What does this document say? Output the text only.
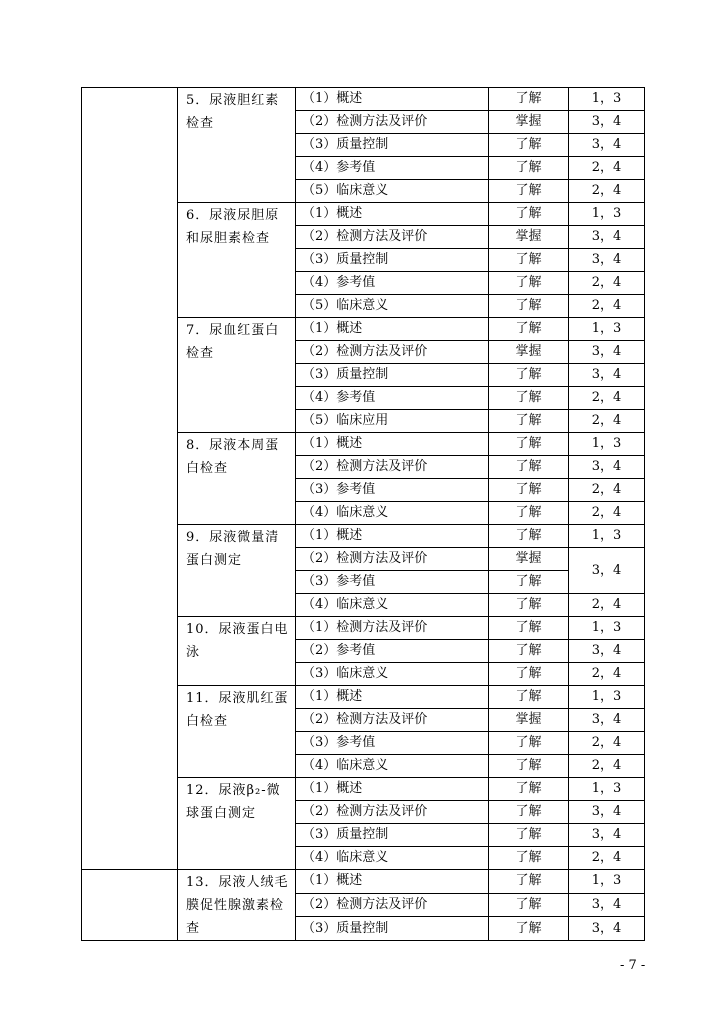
	5．尿液胆红素检查	（1）概述	了解	1，3
		（2）检测方法及评价	掌握	3，4
		（3）质量控制	了解	3，4
		（4）参考值	了解	2，4
		（5）临床意义	了解	2，4
	6．尿液尿胆原和尿胆素检查	（1）概述	了解	1，3
		（2）检测方法及评价	掌握	3，4
		（3）质量控制	了解	3，4
		（4）参考值	了解	2，4
		（5）临床意义	了解	2，4
	7．尿血红蛋白检查	（1）概述	了解	1，3
		（2）检测方法及评价	掌握	3，4
		（3）质量控制	了解	3，4
		（4）参考值	了解	2，4
		（5）临床应用	了解	2，4
	8．尿液本周蛋白检查	（1）概述	了解	1，3
		（2）检测方法及评价	了解	3，4
		（3）参考值	了解	2，4
		（4）临床意义	了解	2，4
	9．尿液微量清蛋白测定	（1）概述	了解	1，3
		（2）检测方法及评价	掌握	3，4
		（3）参考值	了解	
		（4）临床意义	了解	2，4
	10．尿液蛋白电泳	（1）检测方法及评价	了解	1，3
		（2）参考值	了解	3，4
		（3）临床意义	了解	2，4
	11．尿液肌红蛋白检查	（1）概述	了解	1，3
		（2）检测方法及评价	掌握	3，4
		（3）参考值	了解	2，4
		（4）临床意义	了解	2，4
	12．尿液β₂-微球蛋白测定	（1）概述	了解	1，3
		（2）检测方法及评价	了解	3，4
		（3）质量控制	了解	3，4
		（4）临床意义	了解	2，4
	13．尿液人绒毛膜促性腺激素检查	（1）概述	了解	1，3
		（2）检测方法及评价	了解	3，4
		（3）质量控制	了解	3，4
- 7 -
